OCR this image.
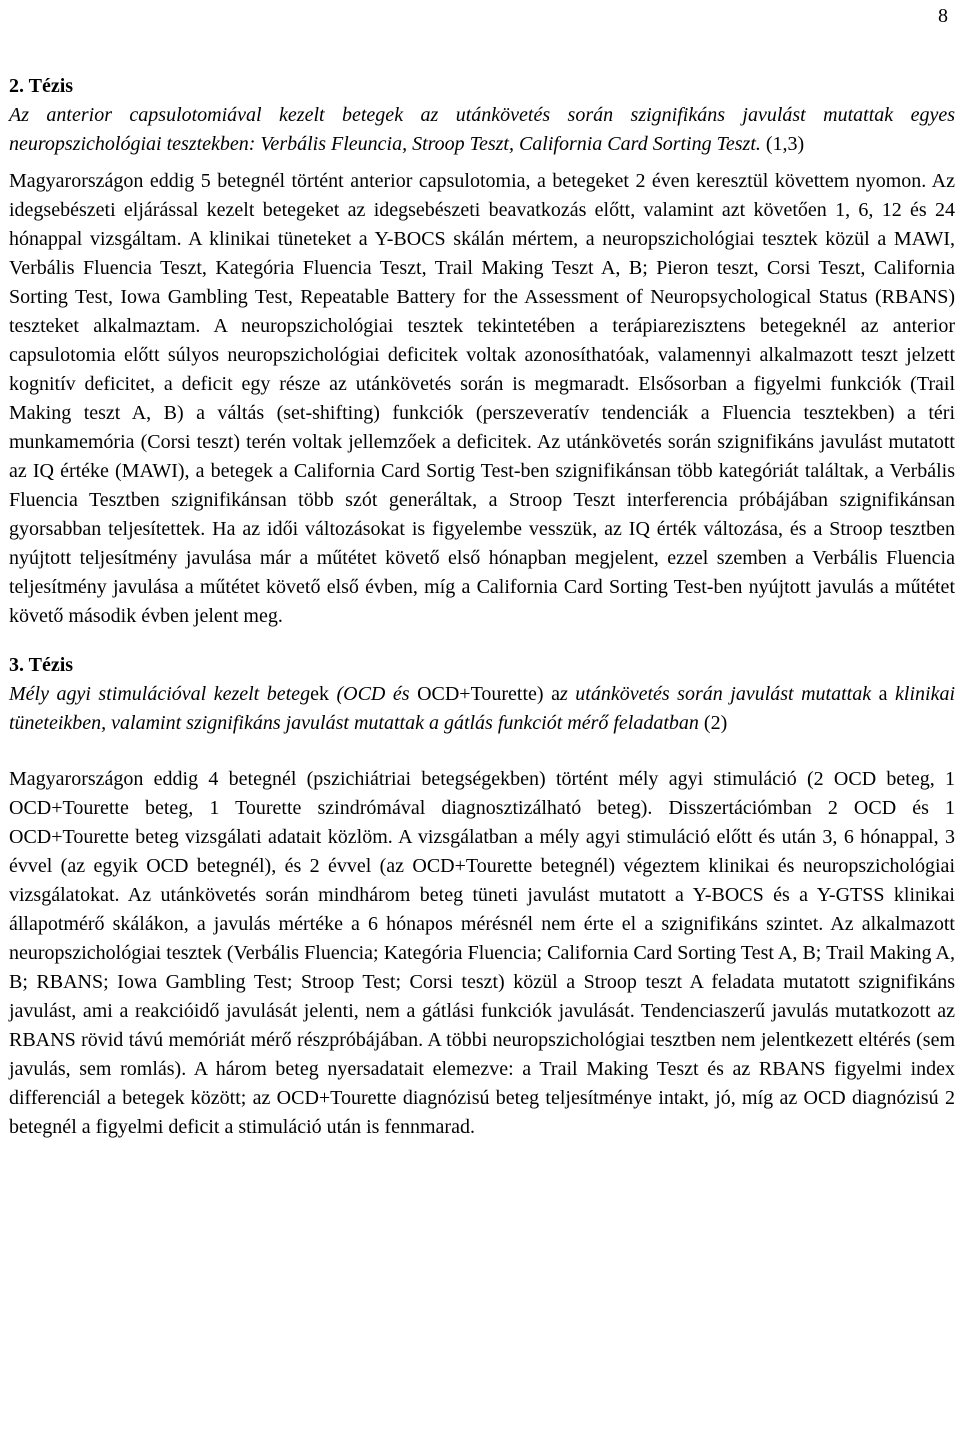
8

2. Tézis

Az anterior capsulotomiával kezelt betegek az utánkövetés során szignifikáns javulást mutattak egyes neuropszichológiai tesztekben: Verbális Fleuncia, Stroop Teszt, California Card Sorting Teszt. (1,3)

Magyarországon eddig 5 betegnél történt anterior capsulotomia, a betegeket 2 éven keresztül követtem nyomon. Az idegsebészeti eljárással kezelt betegeket az idegsebészeti beavatkozás előtt, valamint azt követően 1, 6, 12 és 24 hónappal vizsgáltam. A klinikai tüneteket a Y-BOCS skálán mértem, a neuropszichológiai tesztek közül a MAWI, Verbális Fluencia Teszt, Kategória Fluencia Teszt, Trail Making Teszt A, B; Pieron teszt, Corsi Teszt, California Sorting Test, Iowa Gambling Test, Repeatable Battery for the Assessment of Neuropsychological Status (RBANS) teszteket alkalmaztam. A neuropszichológiai tesztek tekintetében a terápiarezisztens betegeknél az anterior capsulotomia előtt súlyos neuropszichológiai deficitek voltak azonosíthatóak, valamennyi alkalmazott teszt jelzett kognitív deficitet, a deficit egy része az utánkövetés során is megmaradt. Elsősorban a figyelmi funkciók (Trail Making teszt A, B) a váltás (set-shifting) funkciók (perszeveratív tendenciák a Fluencia tesztekben) a téri munkamemória (Corsi teszt) terén voltak jellemzőek a deficitek. Az utánkövetés során szignifikáns javulást mutatott az IQ értéke (MAWI), a betegek a California Card Sortig Test-ben szignifikánsan több kategóriát találtak, a Verbális Fluencia Tesztben szignifikánsan több szót generáltak, a Stroop Teszt interferencia próbájában szignifikánsan gyorsabban teljesítettek. Ha az idői változásokat is figyelembe vesszük, az IQ érték változása, és a Stroop tesztben nyújtott teljesítmény javulása már a műtétet követő első hónapban megjelent, ezzel szemben a Verbális Fluencia teljesítmény javulása a műtétet követő első évben, míg a California Card Sorting Test-ben nyújtott javulás a műtétet követő második évben jelent meg.

3. Tézis

Mély agyi stimulációval kezelt betegek (OCD és OCD+Tourette) az utánkövetés során javulást mutattak a klinikai tüneteikben, valamint szignifikáns javulást mutattak a gátlás funkciót mérő feladatban (2)

Magyarországon eddig 4 betegnél (pszichiátriai betegségekben) történt mély agyi stimuláció (2 OCD beteg, 1 OCD+Tourette beteg, 1 Tourette szindrómával diagnosztizálható beteg). Disszertációmban 2 OCD és 1 OCD+Tourette beteg vizsgálati adatait közlöm. A vizsgálatban a mély agyi stimuláció előtt és után 3, 6 hónappal, 3 évvel (az egyik OCD betegnél), és 2 évvel (az OCD+Tourette betegnél) végeztem klinikai és neuropszichológiai vizsgálatokat. Az utánkövetés során mindhárom beteg tüneti javulást mutatott a Y-BOCS és a Y-GTSS klinikai állapotmérő skálákon, a javulás mértéke a 6 hónapos mérésnél nem érte el a szignifikáns szintet. Az alkalmazott neuropszichológiai tesztek (Verbális Fluencia; Kategória Fluencia; California Card Sorting Test A, B; Trail Making A, B; RBANS; Iowa Gambling Test; Stroop Test; Corsi teszt) közül a Stroop teszt A feladata mutatott szignifikáns javulást, ami a reakcióidő javulását jelenti, nem a gátlási funkciók javulását. Tendenciaszerű javulás mutatkozott az RBANS rövid távú memóriát mérő részpróbájában. A többi neuropszichológiai tesztben nem jelentkezett eltérés (sem javulás, sem romlás). A három beteg nyersadatait elemezve: a Trail Making Teszt és az RBANS figyelmi index differenciál a betegek között; az OCD+Tourette diagnózisú beteg teljesítménye intakt, jó, míg az OCD diagnózisú 2 betegnél a figyelmi deficit a stimuláció után is fennmarad.
